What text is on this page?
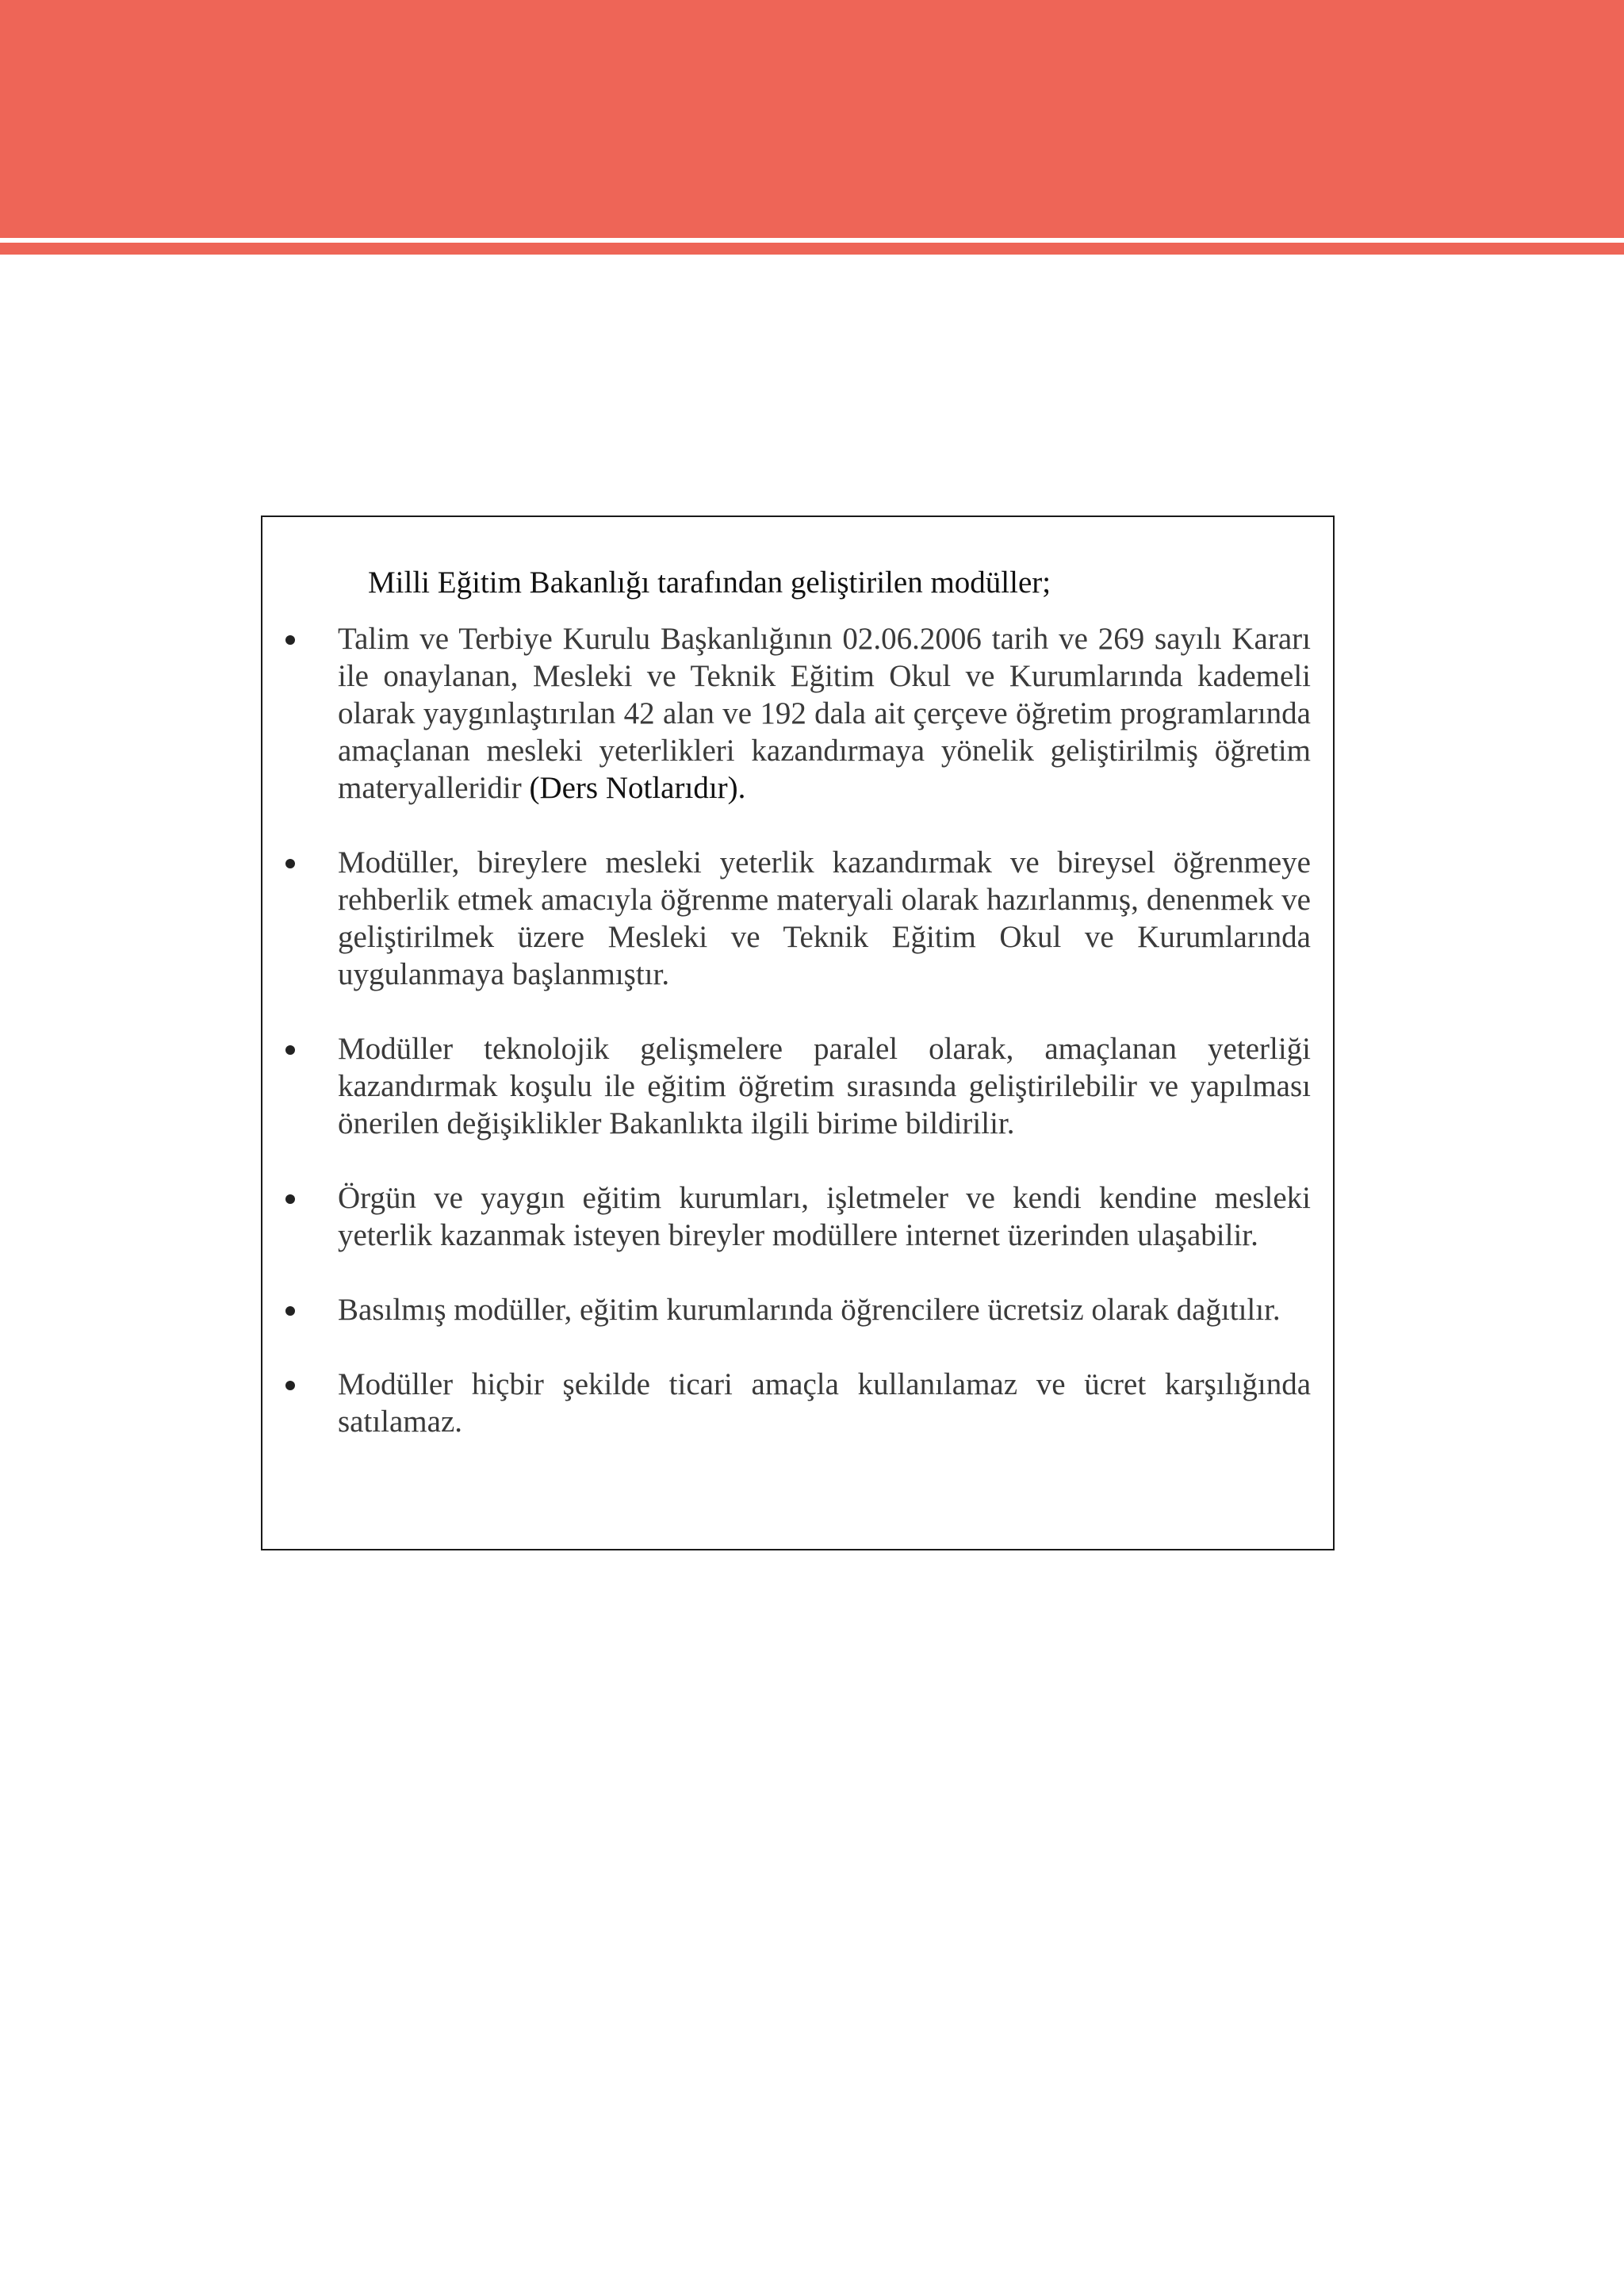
Milli Eğitim Bakanlığı tarafından geliştirilen modüller;

Talim ve Terbiye Kurulu Başkanlığının 02.06.2006 tarih ve 269 sayılı Kararı ile onaylanan, Mesleki ve Teknik Eğitim Okul ve Kurumlarında kademeli olarak yaygınlaştırılan 42 alan ve 192 dala ait çerçeve öğretim programlarında amaçlanan mesleki yeterlikleri kazandırmaya yönelik geliştirilmiş öğretim materyalleridir (Ders Notlarıdır).
Modüller, bireylere mesleki yeterlik kazandırmak ve bireysel öğrenmeye rehberlik etmek amacıyla öğrenme materyali olarak hazırlanmış, denenmek ve geliştirilmek üzere Mesleki ve Teknik Eğitim Okul ve Kurumlarında uygulanmaya başlanmıştır.
Modüller teknolojik gelişmelere paralel olarak, amaçlanan yeterliği kazandırmak koşulu ile eğitim öğretim sırasında geliştirilebilir ve yapılması önerilen değişiklikler Bakanlıkta ilgili birime bildirilir.
Örgün ve yaygın eğitim kurumları, işletmeler ve kendi kendine mesleki yeterlik kazanmak isteyen bireyler modüllere internet üzerinden ulaşabilir.
Basılmış modüller, eğitim kurumlarında öğrencilere ücretsiz olarak dağıtılır.
Modüller hiçbir şekilde ticari amaçla kullanılamaz ve ücret karşılığında satılamaz.
